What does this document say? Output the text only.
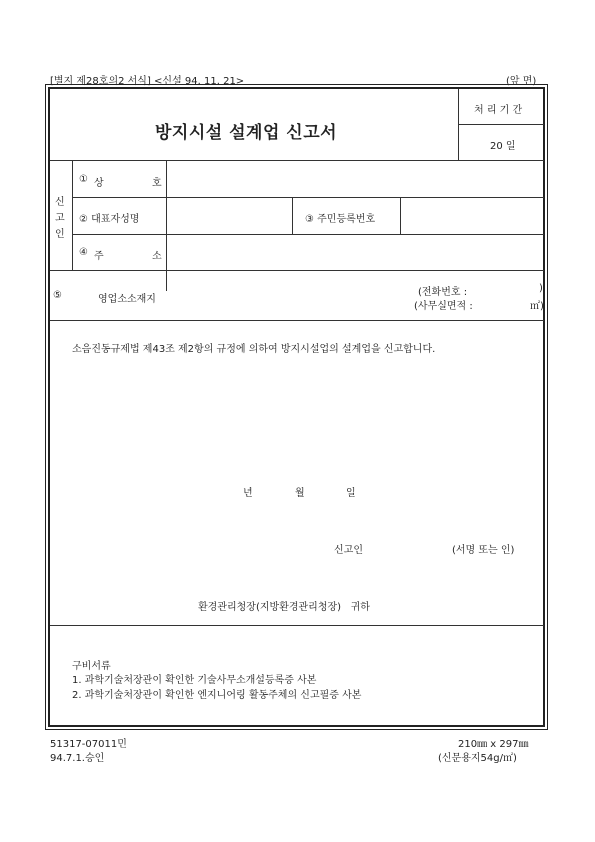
[별지 제28호의2 서식] <신설 94. 11. 21>	(앞 면)
방지시설 설계업 신고서
처 리 기 간
20 일
신
고
인
① 상	호
② 대표자성명	③ 주민등록번호
④ 주	소
⑤	영업소소재지
(전화번호 :	)
(사무실면적 :	㎡)
소음진동규제법 제43조 제2항의 규정에 의하여 방지시설업의 설계업을 신고합니다.
년	월	일
신고인	(서명 또는 인)
환경관리청장(지방환경관리청장)   귀하
구비서류
1. 과학기술처장관이 확인한 기술사무소개설등록증 사본
2. 과학기술처장관이 확인한 엔지니어링 활동주체의 신고필증 사본
51317-07011민
94.7.1.승인
210㎜ x 297㎜
(신문용지54g/㎡)
